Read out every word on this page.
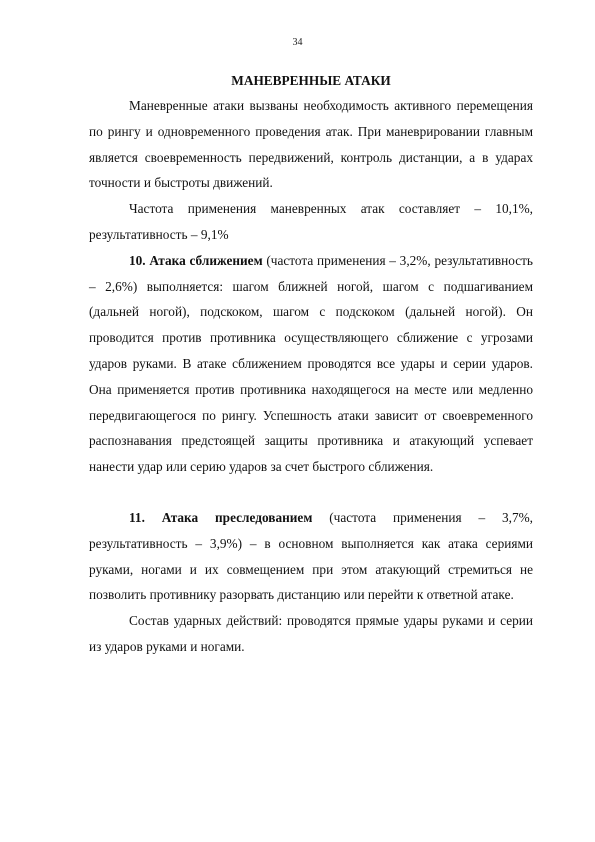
34
МАНЕВРЕННЫЕ АТАКИ

Маневренные атаки вызваны необходимость активного перемещения по рингу и одновременного проведения атак. При маневрировании главным является своевременность передвижений, контроль дистанции, а в ударах точности и быстроты движений.

Частота применения маневренных атак составляет – 10,1%, результативность – 9,1%

10. Атака сближением (частота применения – 3,2%, результативность – 2,6%) выполняется: шагом ближней ногой, шагом с подшагиванием (дальней ногой), подскоком, шагом с подскоком (дальней ногой). Он проводится против противника осуществляющего сближение с угрозами ударов руками. В атаке сближением проводятся все удары и серии ударов. Она применяется против противника находящегося на месте или медленно передвигающегося по рингу. Успешность атаки зависит от своевременного распознавания предстоящей защиты противника и атакующий успевает нанести удар или серию ударов за счет быстрого сближения.

11. Атака преследованием (частота применения – 3,7%, результативность – 3,9%) – в основном выполняется как атака сериями руками, ногами и их совмещением при этом атакующий стремиться не позволить противнику разорвать дистанцию или перейти к ответной атаке.

Состав ударных действий: проводятся прямые удары руками и серии из ударов руками и ногами.
